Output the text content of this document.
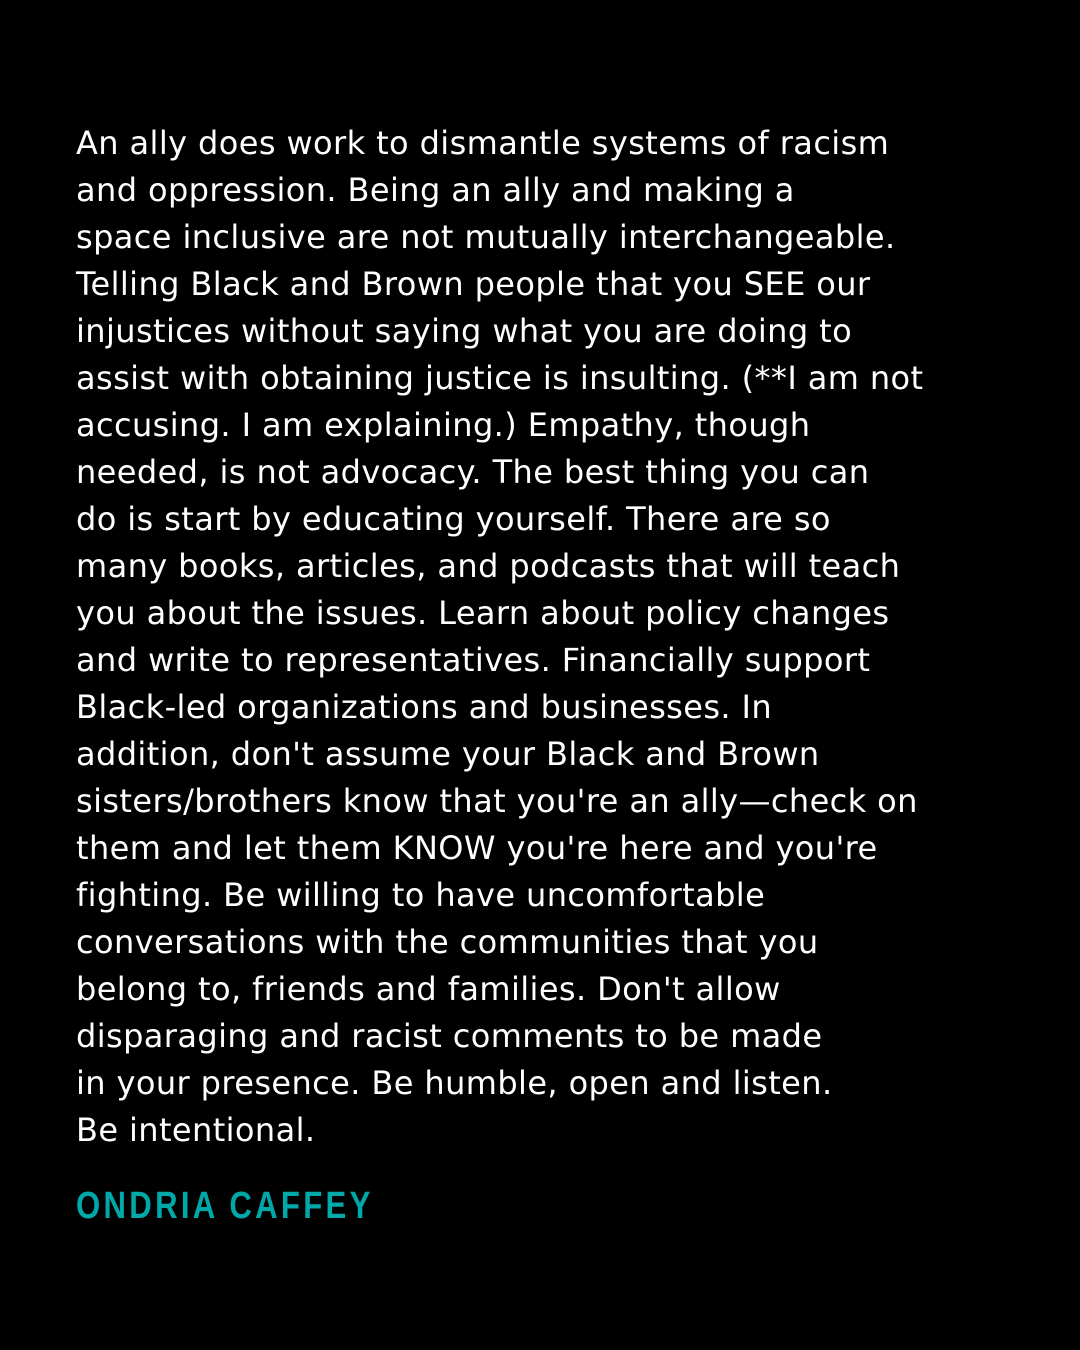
An ally does work to dismantle systems of racism
and oppression. Being an ally and making a
space inclusive are not mutually interchangeable.
Telling Black and Brown people that you SEE our
injustices without saying what you are doing to
assist with obtaining justice is insulting. (**I am not
accusing. I am explaining.) Empathy, though
needed, is not advocacy. The best thing you can
do is start by educating yourself. There are so
many books, articles, and podcasts that will teach
you about the issues. Learn about policy changes
and write to representatives. Financially support
Black-led organizations and businesses. In
addition, don't assume your Black and Brown
sisters/brothers know that you're an ally—check on
them and let them KNOW you're here and you're
fighting. Be willing to have uncomfortable
conversations with the communities that you
belong to, friends and families. Don't allow
disparaging and racist comments to be made
in your presence. Be humble, open and listen.
Be intentional.

ONDRIA CAFFEY
